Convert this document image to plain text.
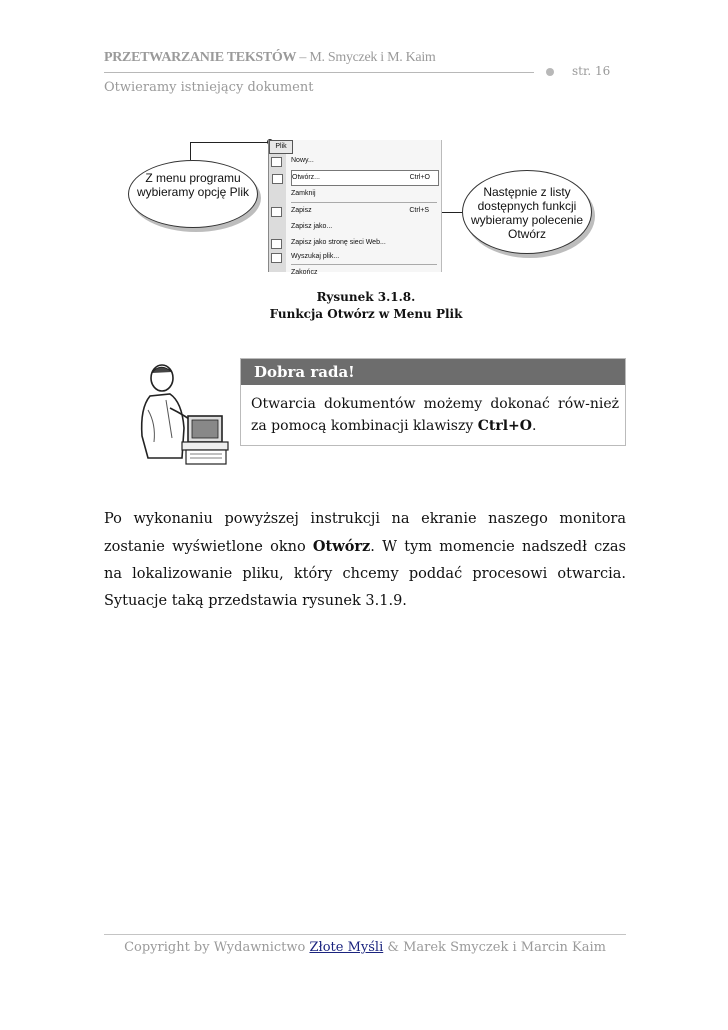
PRZETWARZANIE TEKSTÓW – M. Smyczek i M. Kaim
str. 16
Otwieramy istniejący dokument
Z menu programu wybieramy opcję Plik	Następnie z listy dostępnych funkcji wybieramy polecenie Otwórz
Plik
Nowy...
Otwórz...	Ctrl+O
Zamknij
Zapisz	Ctrl+S
Zapisz jako...
Zapisz jako stronę sieci Web...
Wyszukaj plik...
Zakończ
Rysunek 3.1.8.
Funkcja Otwórz w Menu Plik
Dobra rada!
Otwarcia dokumentów możemy dokonać rów-nież za pomocą kombinacji klawiszy Ctrl+O.
Po wykonaniu powyższej instrukcji na ekranie naszego monitora zostanie wyświetlone okno Otwórz. W tym momencie nadszedł czas na lokalizowanie pliku, który chcemy poddać procesowi otwarcia. Sytuacje taką przedstawia rysunek 3.1.9.
Copyright by Wydawnictwo Złote Myśli & Marek Smyczek i Marcin Kaim
